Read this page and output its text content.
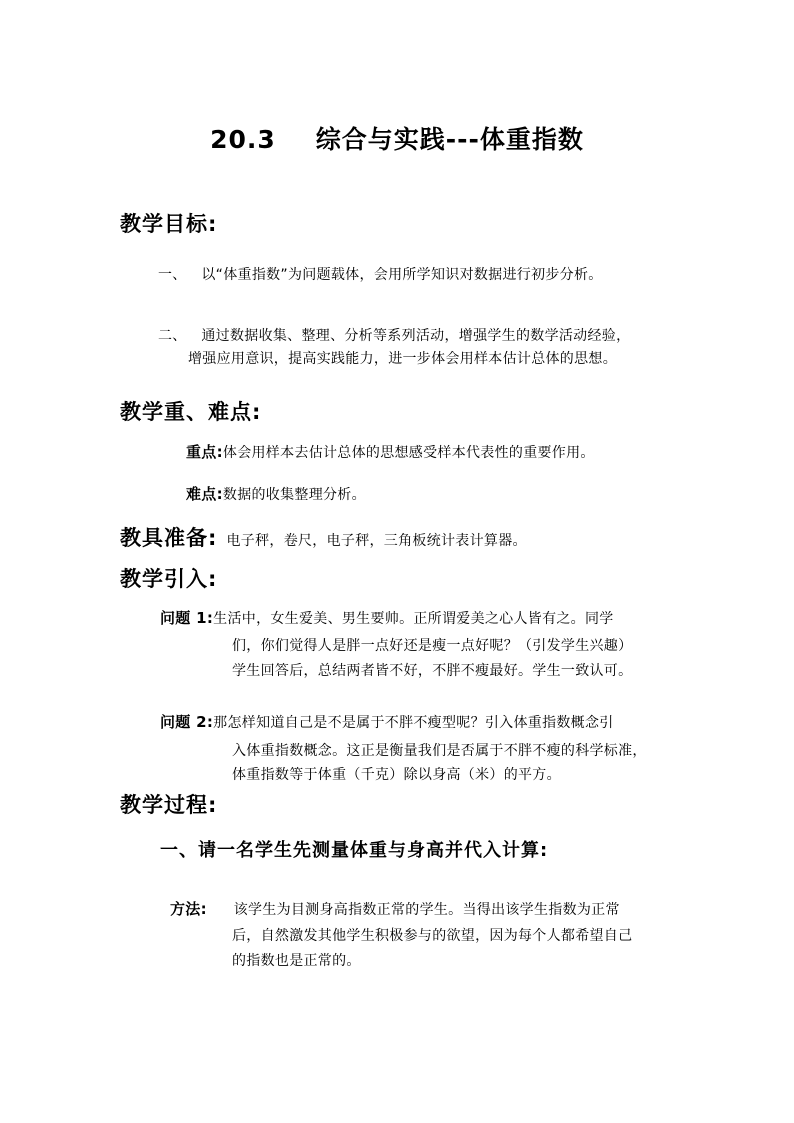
20.3 综合与实践---体重指数
教学目标:
一、 以“体重指数”为问题载体，会用所学知识对数据进行初步分析。
二、 通过数据收集、整理、分析等系列活动，增强学生的数学活动经验，
增强应用意识，提高实践能力，进一步体会用样本估计总体的思想。
教学重、难点:
重点:体会用样本去估计总体的思想感受样本代表性的重要作用。
难点:数据的收集整理分析。
教具准备: 电子秤，卷尺，电子秤，三角板统计表计算器。
教学引入:
问题 1:生活中，女生爱美、男生要帅。正所谓爱美之心人皆有之。同学
们，你们觉得人是胖一点好还是瘦一点好呢？（引发学生兴趣）
学生回答后，总结两者皆不好，不胖不瘦最好。学生一致认可。
问题 2:那怎样知道自己是不是属于不胖不瘦型呢？引入体重指数概念引
入体重指数概念。这正是衡量我们是否属于不胖不瘦的科学标准，
体重指数等于体重（千克）除以身高（米）的平方。
教学过程:
一、请一名学生先测量体重与身高并代入计算:
方法: 该学生为目测身高指数正常的学生。当得出该学生指数为正常
后，自然激发其他学生积极参与的欲望，因为每个人都希望自己
的指数也是正常的。
